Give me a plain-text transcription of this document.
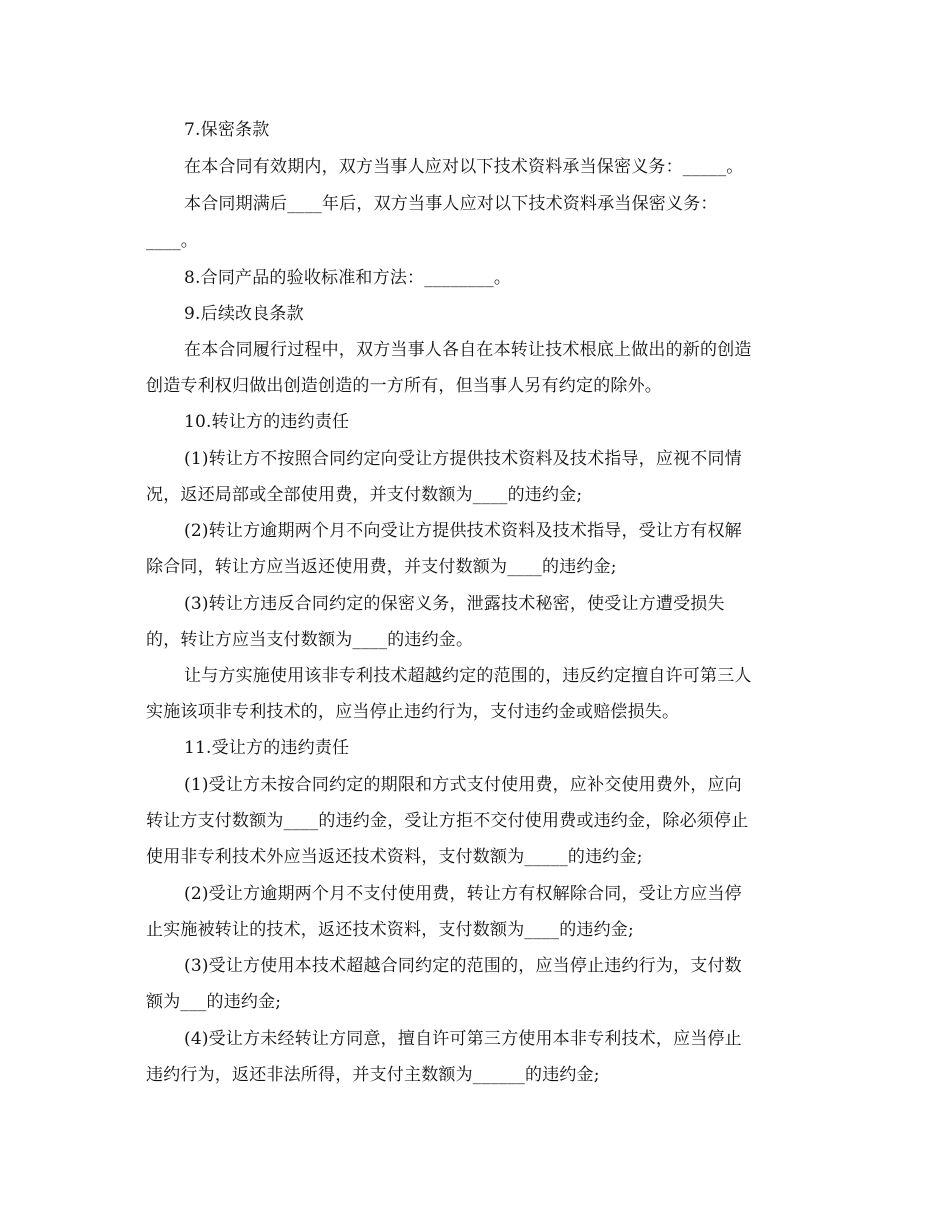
7.保密条款
在本合同有效期内，双方当事人应对以下技术资料承当保密义务：_____。
本合同期满后____年后，双方当事人应对以下技术资料承当保密义务：
____。
8.合同产品的验收标准和方法：________。
9.后续改良条款
在本合同履行过程中，双方当事人各自在本转让技术根底上做出的新的创造
创造专利权归做出创造创造的一方所有，但当事人另有约定的除外。
10.转让方的违约责任
(1)转让方不按照合同约定向受让方提供技术资料及技术指导，应视不同情
况，返还局部或全部使用费，并支付数额为____的违约金;
(2)转让方逾期两个月不向受让方提供技术资料及技术指导，受让方有权解
除合同，转让方应当返还使用费，并支付数额为____的违约金;
(3)转让方违反合同约定的保密义务，泄露技术秘密，使受让方遭受损失
的，转让方应当支付数额为____的违约金。
让与方实施使用该非专利技术超越约定的范围的，违反约定擅自许可第三人
实施该项非专利技术的，应当停止违约行为，支付违约金或赔偿损失。
11.受让方的违约责任
(1)受让方未按合同约定的期限和方式支付使用费，应补交使用费外，应向
转让方支付数额为____的违约金，受让方拒不交付使用费或违约金，除必须停止
使用非专利技术外应当返还技术资料，支付数额为_____的违约金;
(2)受让方逾期两个月不支付使用费，转让方有权解除合同，受让方应当停
止实施被转让的技术，返还技术资料，支付数额为____的违约金;
(3)受让方使用本技术超越合同约定的范围的，应当停止违约行为，支付数
额为___的违约金;
(4)受让方未经转让方同意，擅自许可第三方使用本非专利技术，应当停止
违约行为，返还非法所得，并支付主数额为______的违约金;
